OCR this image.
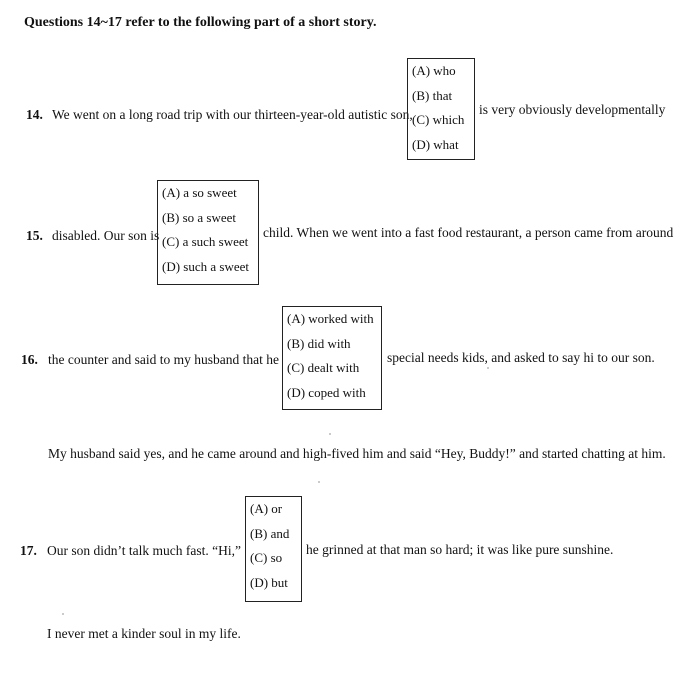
Questions 14~17 refer to the following part of a short story.
14. We went on a long road trip with our thirteen-year-old autistic son,
(A) who
(B) that
(C) which
(D) what
is very obviously developmentally
15. disabled. Our son is
(A) a so sweet
(B) so a sweet
(C) a such sweet
(D) such a sweet
child. When we went into a fast food restaurant, a person came from around
16. the counter and said to my husband that he
(A) worked with
(B) did with
(C) dealt with
(D) coped with
special needs kids, and asked to say hi to our son.
My husband said yes, and he came around and high-fived him and said “Hey, Buddy!” and started chatting at him.
17. Our son didn’t talk much fast. “Hi,”
(A) or
(B) and
(C) so
(D) but
he grinned at that man so hard; it was like pure sunshine.
I never met a kinder soul in my life.
